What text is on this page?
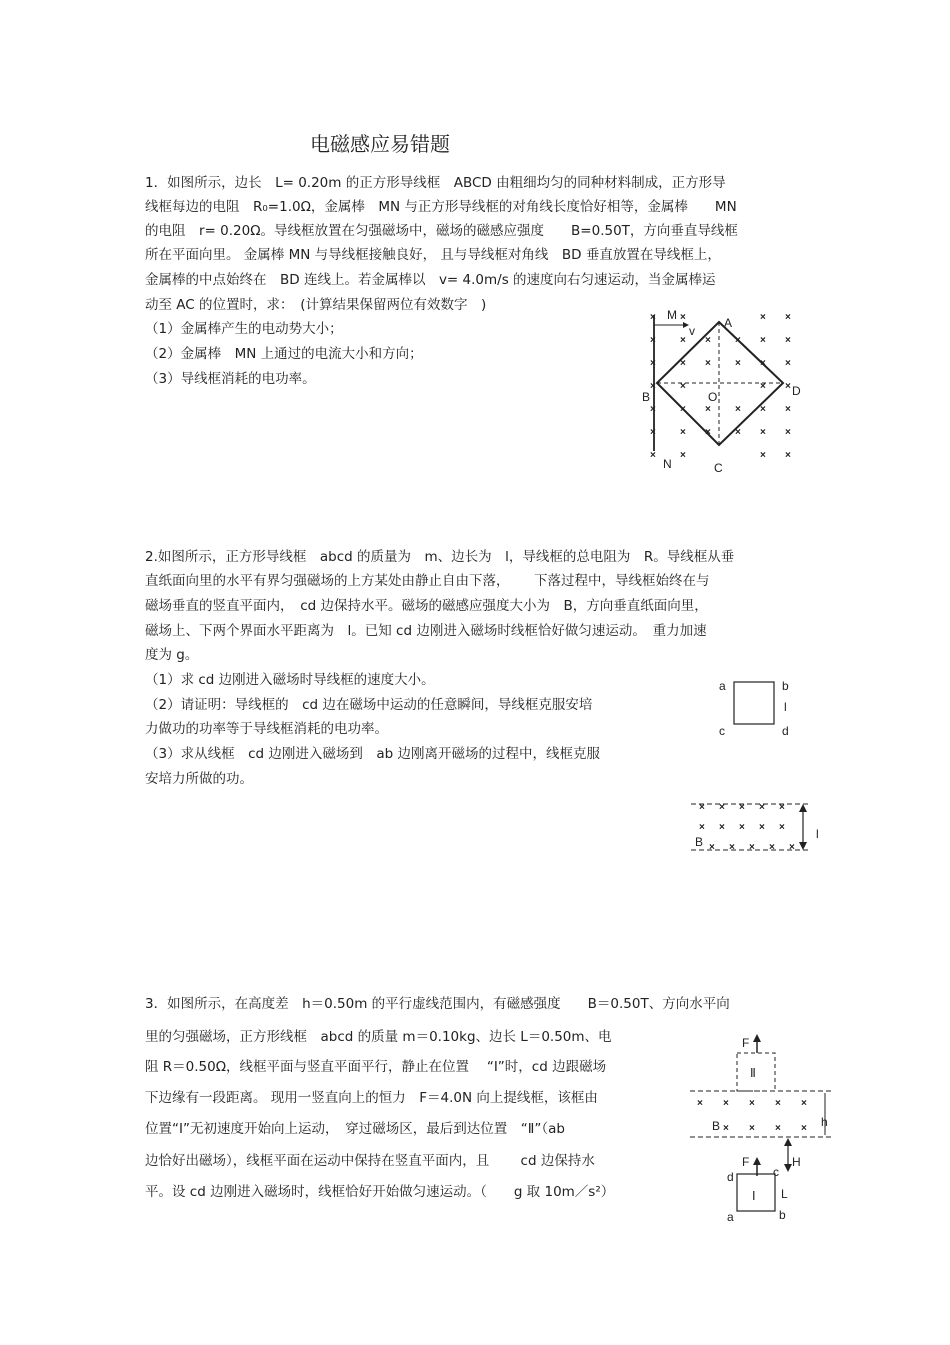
电磁感应易错题
1．如图所示，边长　L= 0.20m 的正方形导线框　ABCD 由粗细均匀的同种材料制成，正方形导
线框每边的电阻　R₀=1.0Ω，金属棒　MN 与正方形导线框的对角线长度恰好相等，金属棒　　MN
的电阻　r= 0.20Ω。导线框放置在匀强磁场中，磁场的磁感应强度　　B=0.50T，方向垂直导线框
所在平面向里。 金属棒 MN 与导线框接触良好， 且与导线框对角线　BD 垂直放置在导线框上，
金属棒的中点始终在　BD 连线上。若金属棒以　v= 4.0m/s 的速度向右匀速运动，当金属棒运
动至 AC 的位置时，求：　(计算结果保留两位有效数字　)
（1）金属棒产生的电动势大小；
（2）金属棒　MN 上通过的电流大小和方向；
（3）导线框消耗的电功率。
×
×
×
×
×
×
×
×
×
×
×
×
×
×
×
×
×
×
×
×
×
×
×
×
×
×
×
×
×
×
×
×
×
×
×
×
M
v
A
B	O	D
N	C
2.如图所示，正方形导线框　abcd 的质量为　m、边长为　l，导线框的总电阻为　R。导线框从垂
直纸面向里的水平有界匀强磁场的上方某处由静止自由下落，　　 下落过程中，导线框始终在与
磁场垂直的竖直平面内，　cd 边保持水平。磁场的磁感应强度大小为　B，方向垂直纸面向里，
磁场上、下两个界面水平距离为　l。已知 cd 边刚进入磁场时线框恰好做匀速运动。　重力加速
度为 g。
（1）求 cd 边刚进入磁场时导线框的速度大小。
（2）请证明：导线框的　cd 边在磁场中运动的任意瞬间，导线框克服安培
力做功的功率等于导线框消耗的电功率。
（3）求从线框　cd 边刚进入磁场到　ab 边刚离开磁场的过程中，线框克服
安培力所做的功。
a	b
l
c	d
× × × × ×
× × × × ×
× × × × ×
B
l
3．如图所示，在高度差　h＝0.50m 的平行虚线范围内，有磁感强度　　B＝0.50T、方向水平向
里的匀强磁场，正方形线框　abcd 的质量 m＝0.10kg、边长 L＝0.50m、电
阻 R＝0.50Ω，线框平面与竖直平面平行，静止在位置　 “I”时，cd 边跟磁场
下边缘有一段距离。 现用一竖直向上的恒力　F＝4.0N 向上提线框，该框由
位置“Ⅰ”无初速度开始向上运动，　穿过磁场区，最后到达位置　“Ⅱ”（ab
边恰好出磁场），线框平面在运动中保持在竖直平面内，且　　 cd 边保持水
平。设 cd 边刚进入磁场时，线框恰好开始做匀速运动。（　　g 取 10m／s²）
F
Ⅱ
× × × × ×
× × × ×
B	h
H
F
d	c
Ⅰ L
a	b
